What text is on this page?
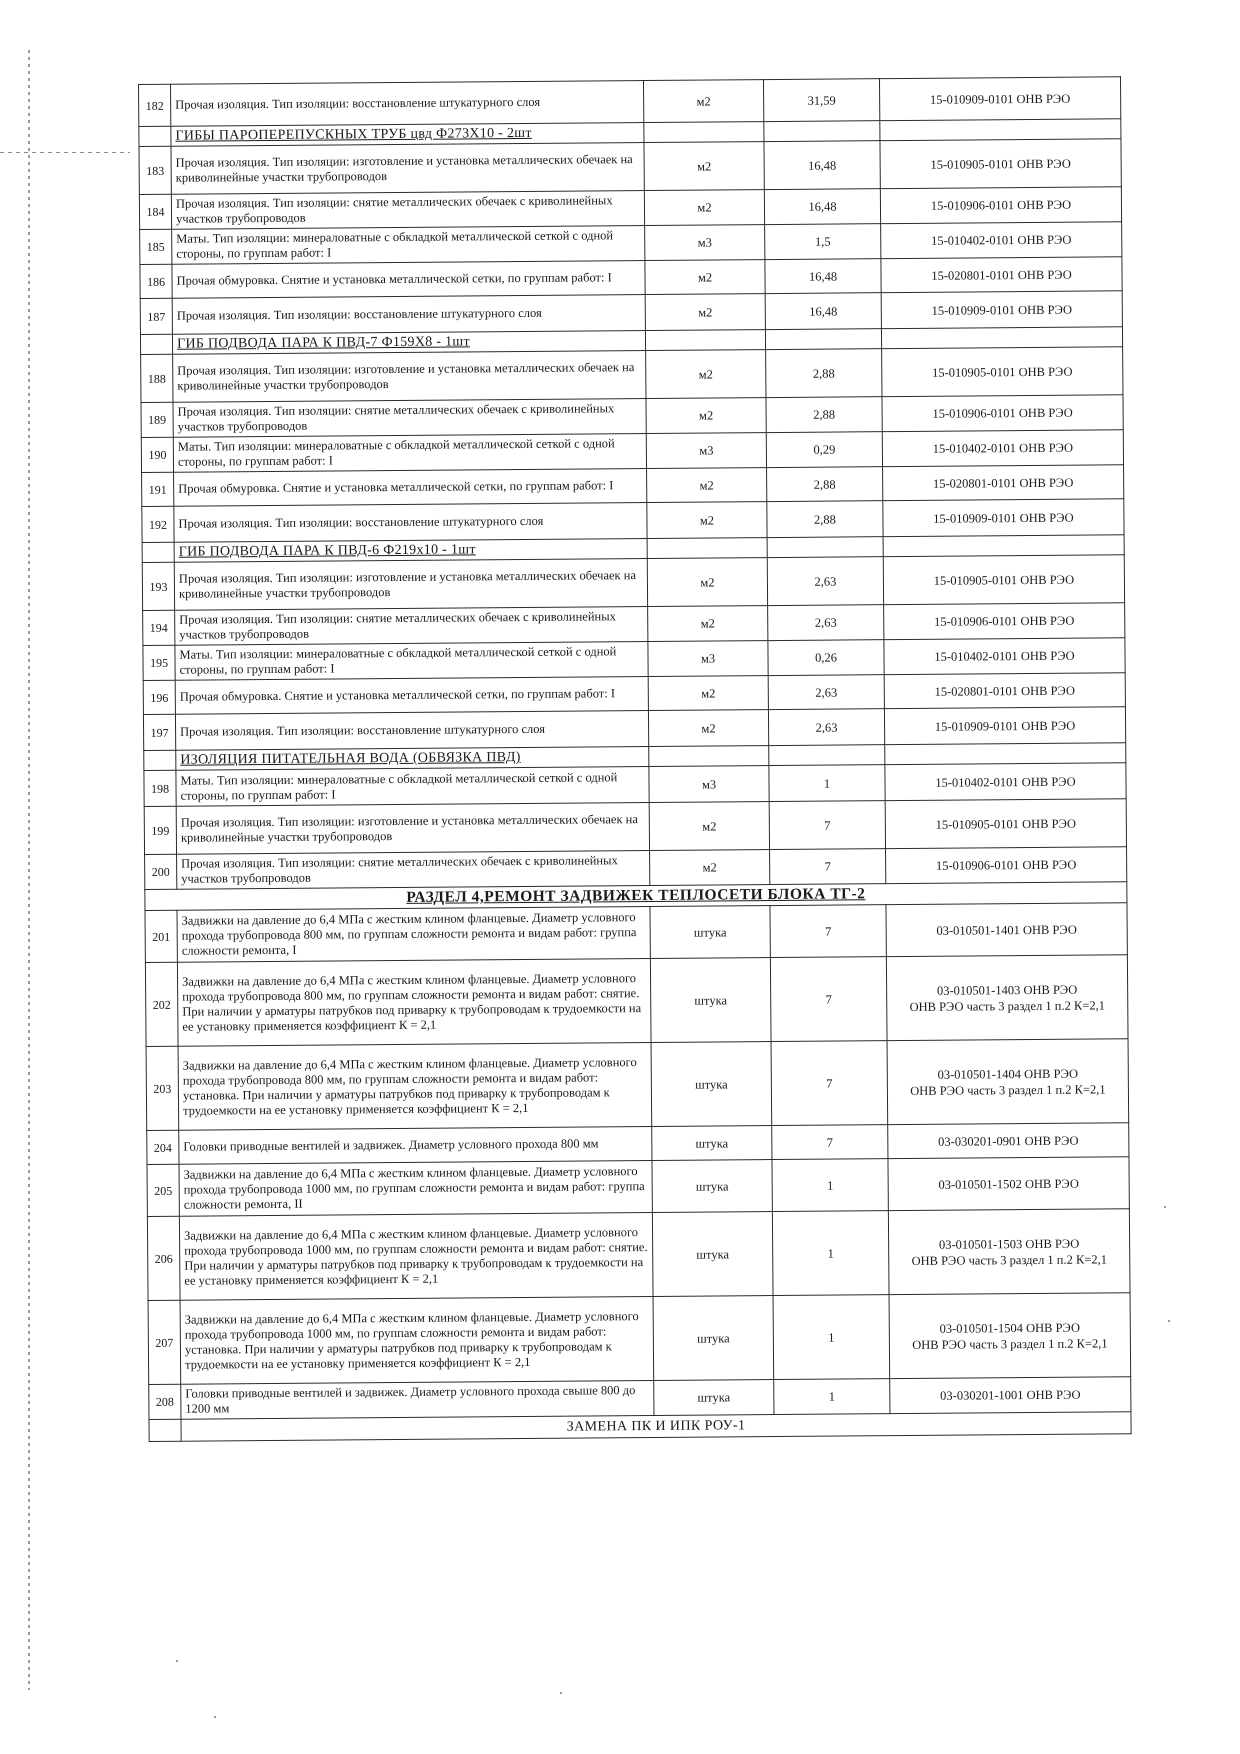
182	Прочая изоляция. Тип изоляции: восстановление штукатурного слоя	м2	31,59	15-010909-0101 ОНВ РЭО

	ГИБЫ ПАРОПЕРЕПУСКНЫХ ТРУБ цвд Ф273Х10 - 2шт			
183	Прочая изоляция. Тип изоляции: изготовление и установка металлических обечаек на криволинейные участки трубопроводов	м2	16,48	15-010905-0101 ОНВ РЭО

184	Прочая изоляция. Тип изоляции: снятие металлических обечаек с криволинейных участков трубопроводов	м2	16,48	15-010906-0101 ОНВ РЭО

185	Маты. Тип изоляции: минераловатные с обкладкой металлической сеткой с одной стороны, по группам работ: I	м3	1,5	15-010402-0101 ОНВ РЭО

186	Прочая обмуровка. Снятие и установка металлической сетки, по группам работ: I	м2	16,48	15-020801-0101 ОНВ РЭО

187	Прочая изоляция. Тип изоляции: восстановление штукатурного слоя	м2	16,48	15-010909-0101 ОНВ РЭО

	ГИБ ПОДВОДА ПАРА К ПВД-7 Ф159Х8 - 1шт			
188	Прочая изоляция. Тип изоляции: изготовление и установка металлических обечаек на криволинейные участки трубопроводов	м2	2,88	15-010905-0101 ОНВ РЭО

189	Прочая изоляция. Тип изоляции: снятие металлических обечаек с криволинейных участков трубопроводов	м2	2,88	15-010906-0101 ОНВ РЭО

190	Маты. Тип изоляции: минераловатные с обкладкой металлической сеткой с одной стороны, по группам работ: I	м3	0,29	15-010402-0101 ОНВ РЭО

191	Прочая обмуровка. Снятие и установка металлической сетки, по группам работ: I	м2	2,88	15-020801-0101 ОНВ РЭО

192	Прочая изоляция. Тип изоляции: восстановление штукатурного слоя	м2	2,88	15-010909-0101 ОНВ РЭО

	ГИБ ПОДВОДА ПАРА К ПВД-6 Ф219х10 - 1шт			
193	Прочая изоляция. Тип изоляции: изготовление и установка металлических обечаек на криволинейные участки трубопроводов	м2	2,63	15-010905-0101 ОНВ РЭО

194	Прочая изоляция. Тип изоляции: снятие металлических обечаек с криволинейных участков трубопроводов	м2	2,63	15-010906-0101 ОНВ РЭО

195	Маты. Тип изоляции: минераловатные с обкладкой металлической сеткой с одной стороны, по группам работ: I	м3	0,26	15-010402-0101 ОНВ РЭО

196	Прочая обмуровка. Снятие и установка металлической сетки, по группам работ: I	м2	2,63	15-020801-0101 ОНВ РЭО

197	Прочая изоляция. Тип изоляции: восстановление штукатурного слоя	м2	2,63	15-010909-0101 ОНВ РЭО

	ИЗОЛЯЦИЯ ПИТАТЕЛЬНАЯ ВОДА (ОБВЯЗКА ПВД)			
198	Маты. Тип изоляции: минераловатные с обкладкой металлической сеткой с одной стороны, по группам работ: I	м3	1	15-010402-0101 ОНВ РЭО

199	Прочая изоляция. Тип изоляции: изготовление и установка металлических обечаек на криволинейные участки трубопроводов	м2	7	15-010905-0101 ОНВ РЭО

200	Прочая изоляция. Тип изоляции: снятие металлических обечаек с криволинейных участков трубопроводов	м2	7	15-010906-0101 ОНВ РЭО

РАЗДЕЛ 4,РЕМОНТ ЗАДВИЖЕК ТЕПЛОСЕТИ БЛОКА ТГ-2				
201	Задвижки на давление до 6,4 МПа с жестким клином фланцевые. Диаметр условного прохода трубопровода 800 мм, по группам сложности ремонта и видам работ: группа сложности ремонта, I	штука	7	03-010501-1401 ОНВ РЭО

202	Задвижки на давление до 6,4 МПа с жестким клином фланцевые. Диаметр условного прохода трубопровода 800 мм, по группам сложности ремонта и видам работ: снятие. При наличии у арматуры патрубков под приварку к трубопроводам к трудоемкости на ее установку применяется коэффициент К = 2,1	штука	7	03-010501-1403 ОНВ РЭО
ОНВ РЭО часть 3 раздел 1 п.2 К=2,1

203	Задвижки на давление до 6,4 МПа с жестким клином фланцевые. Диаметр условного прохода трубопровода 800 мм, по группам сложности ремонта и видам работ: установка. При наличии у арматуры патрубков под приварку к трубопроводам к трудоемкости на ее установку применяется коэффициент К = 2,1	штука	7	03-010501-1404 ОНВ РЭО
ОНВ РЭО часть 3 раздел 1 п.2 К=2,1

204	Головки приводные вентилей и задвижек. Диаметр условного прохода 800 мм	штука	7	03-030201-0901 ОНВ РЭО

205	Задвижки на давление до 6,4 МПа с жестким клином фланцевые. Диаметр условного прохода трубопровода 1000 мм, по группам сложности ремонта и видам работ: группа сложности ремонта, II	штука	1	03-010501-1502 ОНВ РЭО

206	Задвижки на давление до 6,4 МПа с жестким клином фланцевые. Диаметр условного прохода трубопровода 1000 мм, по группам сложности ремонта и видам работ: снятие. При наличии у арматуры патрубков под приварку к трубопроводам к трудоемкости на ее установку применяется коэффициент К = 2,1	штука	1	03-010501-1503 ОНВ РЭО
ОНВ РЭО часть 3 раздел 1 п.2 К=2,1

207	Задвижки на давление до 6,4 МПа с жестким клином фланцевые. Диаметр условного прохода трубопровода 1000 мм, по группам сложности ремонта и видам работ: установка. При наличии у арматуры патрубков под приварку к трубопроводам к трудоемкости на ее установку применяется коэффициент К = 2,1	штука	1	03-010501-1504 ОНВ РЭО
ОНВ РЭО часть 3 раздел 1 п.2 К=2,1

208	Головки приводные вентилей и задвижек. Диаметр условного прохода свыше 800 до 1200 мм	штука	1	03-030201-1001 ОНВ РЭО

	ЗАМЕНА ПК И ИПК РОУ-1			
